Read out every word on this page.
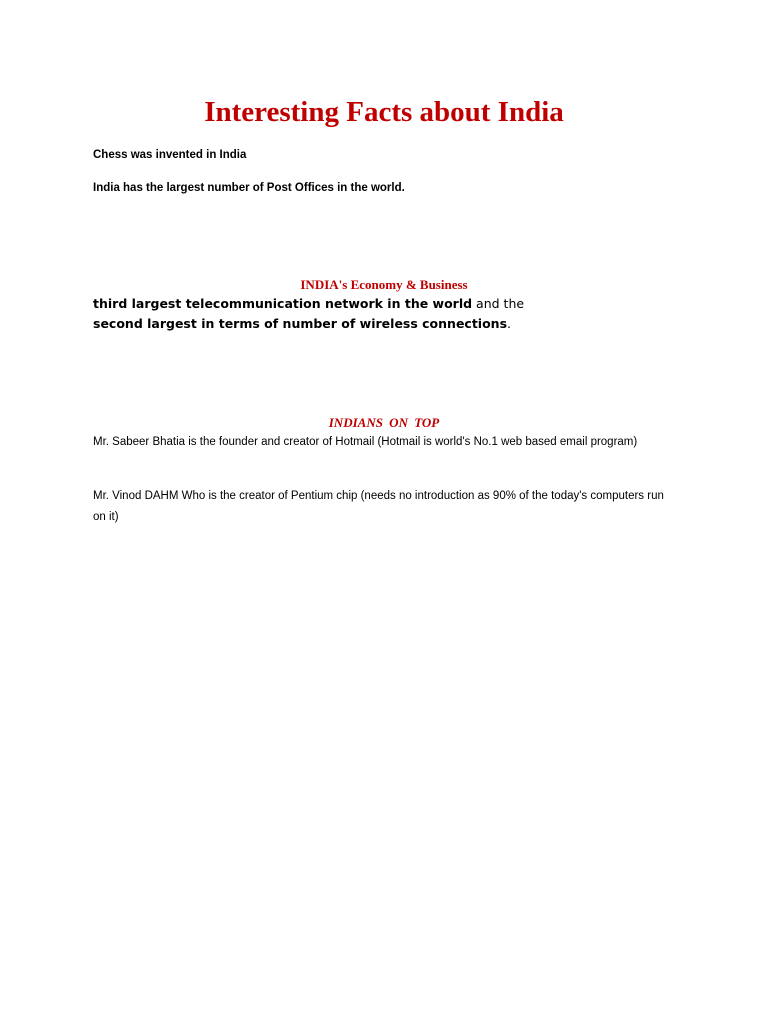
Interesting Facts about India

Chess was invented in India

India has the largest number of Post Offices in the world.

INDIA's Economy & Business

third largest telecommunication network in the world and the

second largest in terms of number of wireless connections.

INDIANS ON TOP

Mr. Sabeer Bhatia is the founder and creator of Hotmail (Hotmail is world's No.1 web based email program)

Mr. Vinod DAHM Who is the creator of Pentium chip (needs no introduction as 90% of the today's computers run on it)
